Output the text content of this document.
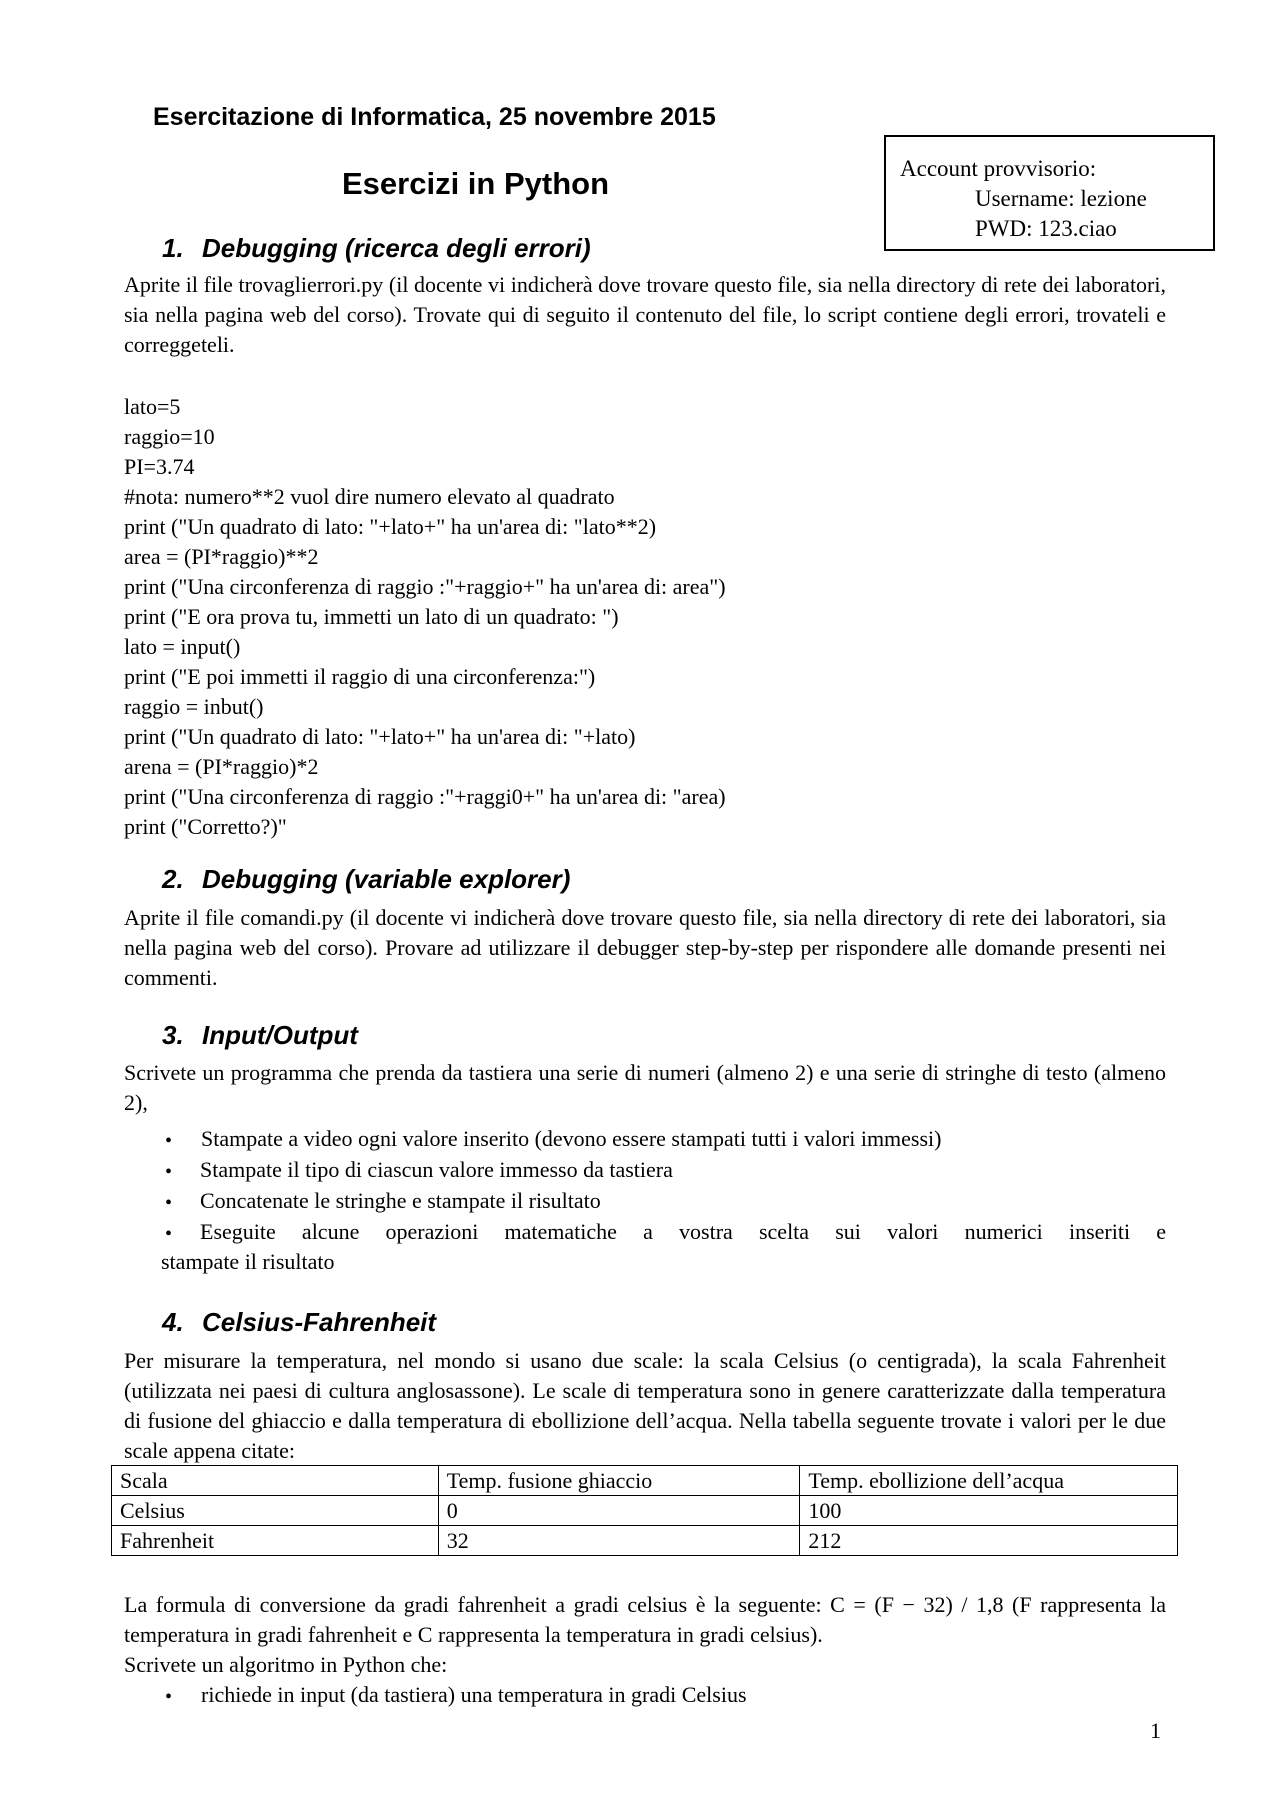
Esercitazione di Informatica, 25 novembre 2015
Esercizi in Python	Account provvisorio:
Username: lezione
PWD: 123.ciao
1. Debugging (ricerca degli errori)
Aprite il file trovaglierrori.py (il docente vi indicherà dove trovare questo file, sia nella directory di rete dei laboratori, sia nella pagina web del corso). Trovate qui di seguito il contenuto del file, lo script contiene degli errori, trovateli e correggeteli.
lato=5
raggio=10
PI=3.74
#nota: numero**2 vuol dire numero elevato al quadrato
print ("Un quadrato di lato: "+lato+" ha un'area di: "lato**2)
area = (PI*raggio)**2
print ("Una circonferenza di raggio :"+raggio+" ha un'area di: area")
print ("E ora prova tu, immetti un lato di un quadrato: ")
lato = input()
print ("E poi immetti il raggio di una circonferenza:")
raggio = inbut()
print ("Un quadrato di lato: "+lato+" ha un'area di: "+lato)
arena = (PI*raggio)*2
print ("Una circonferenza di raggio :"+raggi0+" ha un'area di: "area)
print ("Corretto?)"
2. Debugging (variable explorer)
Aprite il file comandi.py (il docente vi indicherà dove trovare questo file, sia nella directory di rete dei laboratori, sia nella pagina web del corso). Provare ad utilizzare il debugger step-by-step per rispondere alle domande presenti nei commenti.
3. Input/Output
Scrivete un programma che prenda da tastiera una serie di numeri (almeno 2) e una serie di stringhe di testo (almeno 2),
• Stampate a video ogni valore inserito (devono essere stampati tutti i valori immessi)
• Stampate il tipo di ciascun valore immesso da tastiera
• Concatenate le stringhe e stampate il risultato
• Eseguite alcune operazioni matematiche a vostra scelta sui valori numerici inseriti e
stampate il risultato
4. Celsius-Fahrenheit
Per misurare la temperatura, nel mondo si usano due scale: la scala Celsius (o centigrada), la scala Fahrenheit (utilizzata nei paesi di cultura anglosassone). Le scale di temperatura sono in genere caratterizzate dalla temperatura di fusione del ghiaccio e dalla temperatura di ebollizione dell’acqua. Nella tabella seguente trovate i valori per le due scale appena citate:
Scala	Temp. fusione ghiaccio	Temp. ebollizione dell’acqua
Celsius	0	100
Fahrenheit	32	212
La formula di conversione da gradi fahrenheit a gradi celsius è la seguente: C = (F − 32) / 1,8 (F rappresenta la temperatura in gradi fahrenheit e C rappresenta la temperatura in gradi celsius).
Scrivete un algoritmo in Python che:
• richiede in input (da tastiera) una temperatura in gradi Celsius
1
